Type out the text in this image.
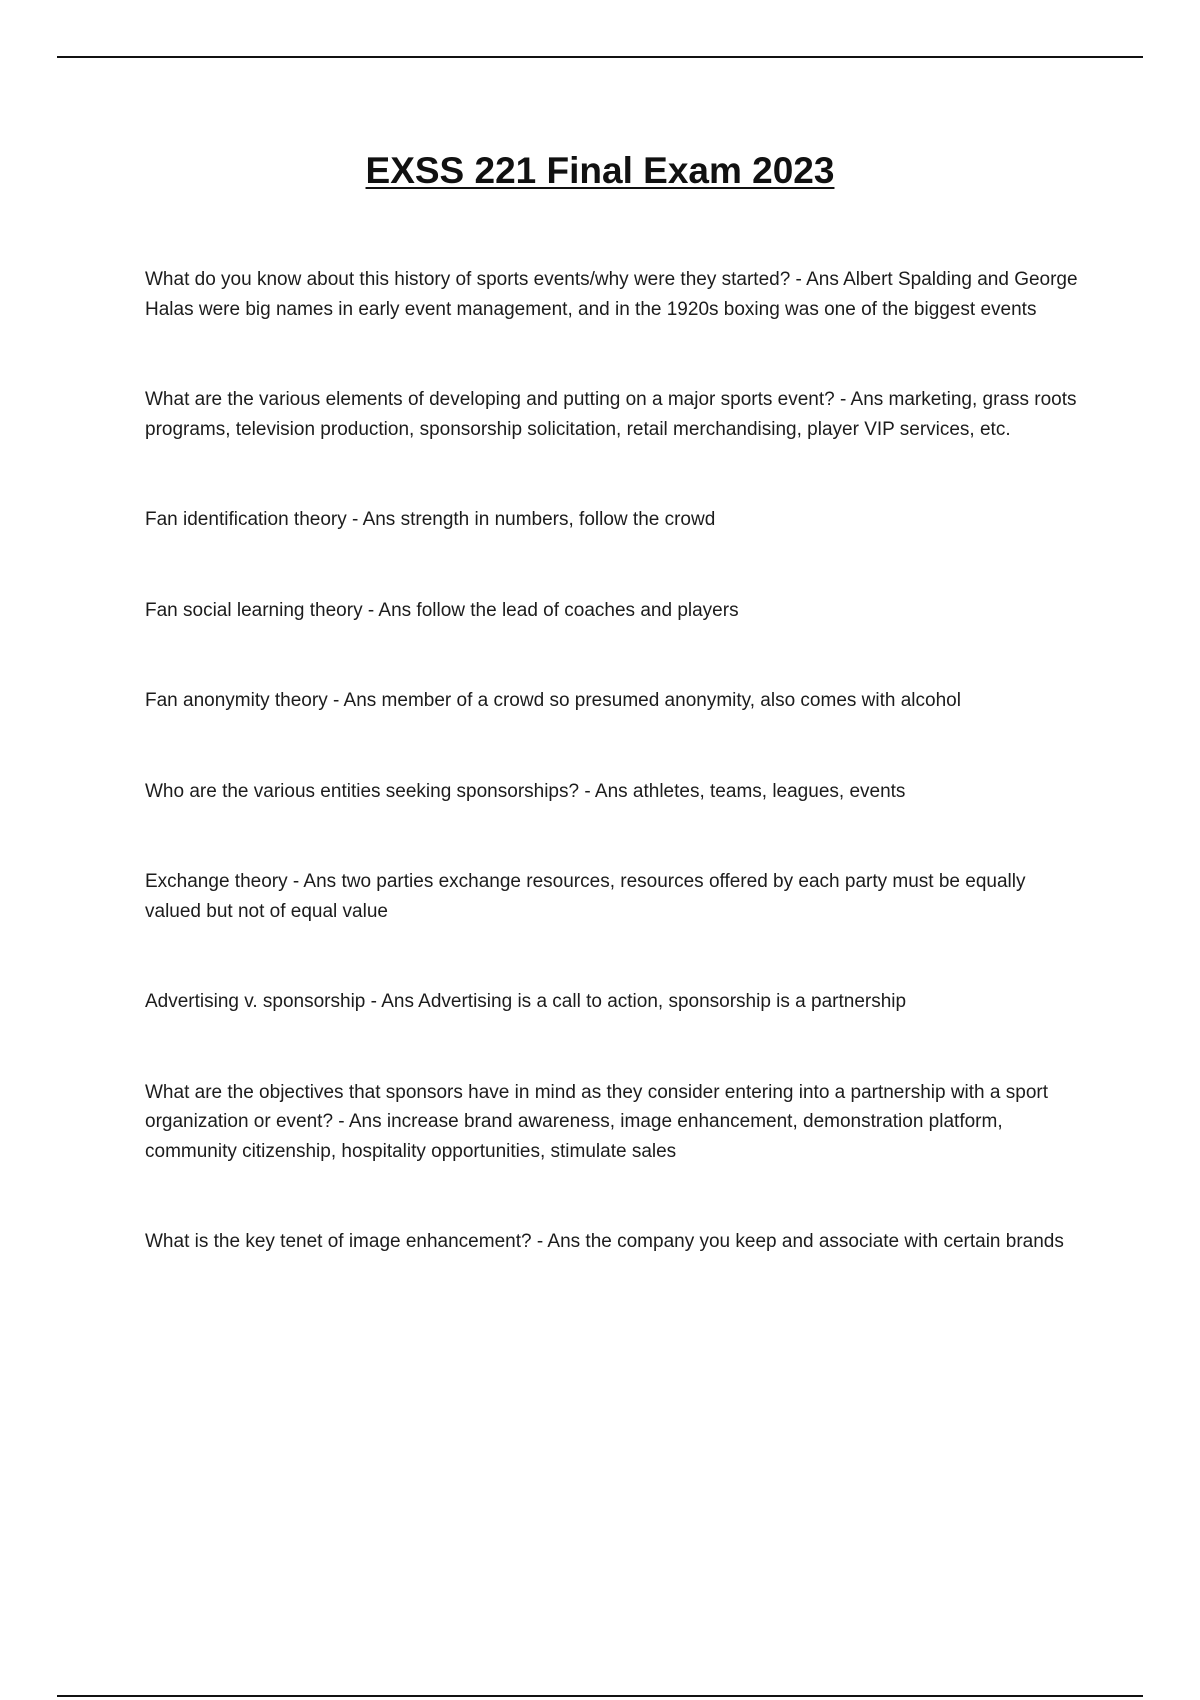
EXSS 221 Final Exam 2023
What do you know about this history of sports events/why were they started? - Ans Albert Spalding and George Halas were big names in early event management, and in the 1920s boxing was one of the biggest events
What are the various elements of developing and putting on a major sports event? - Ans marketing, grass roots programs, television production, sponsorship solicitation, retail merchandising, player VIP services, etc.
Fan identification theory - Ans strength in numbers, follow the crowd
Fan social learning theory - Ans follow the lead of coaches and players
Fan anonymity theory - Ans member of a crowd so presumed anonymity, also comes with alcohol
Who are the various entities seeking sponsorships? - Ans athletes, teams, leagues, events
Exchange theory - Ans two parties exchange resources, resources offered by each party must be equally valued but not of equal value
Advertising v. sponsorship - Ans Advertising is a call to action, sponsorship is a partnership
What are the objectives that sponsors have in mind as they consider entering into a partnership with a sport organization or event? - Ans increase brand awareness, image enhancement, demonstration platform, community citizenship, hospitality opportunities, stimulate sales
What is the key tenet of image enhancement? - Ans the company you keep and associate with certain brands
